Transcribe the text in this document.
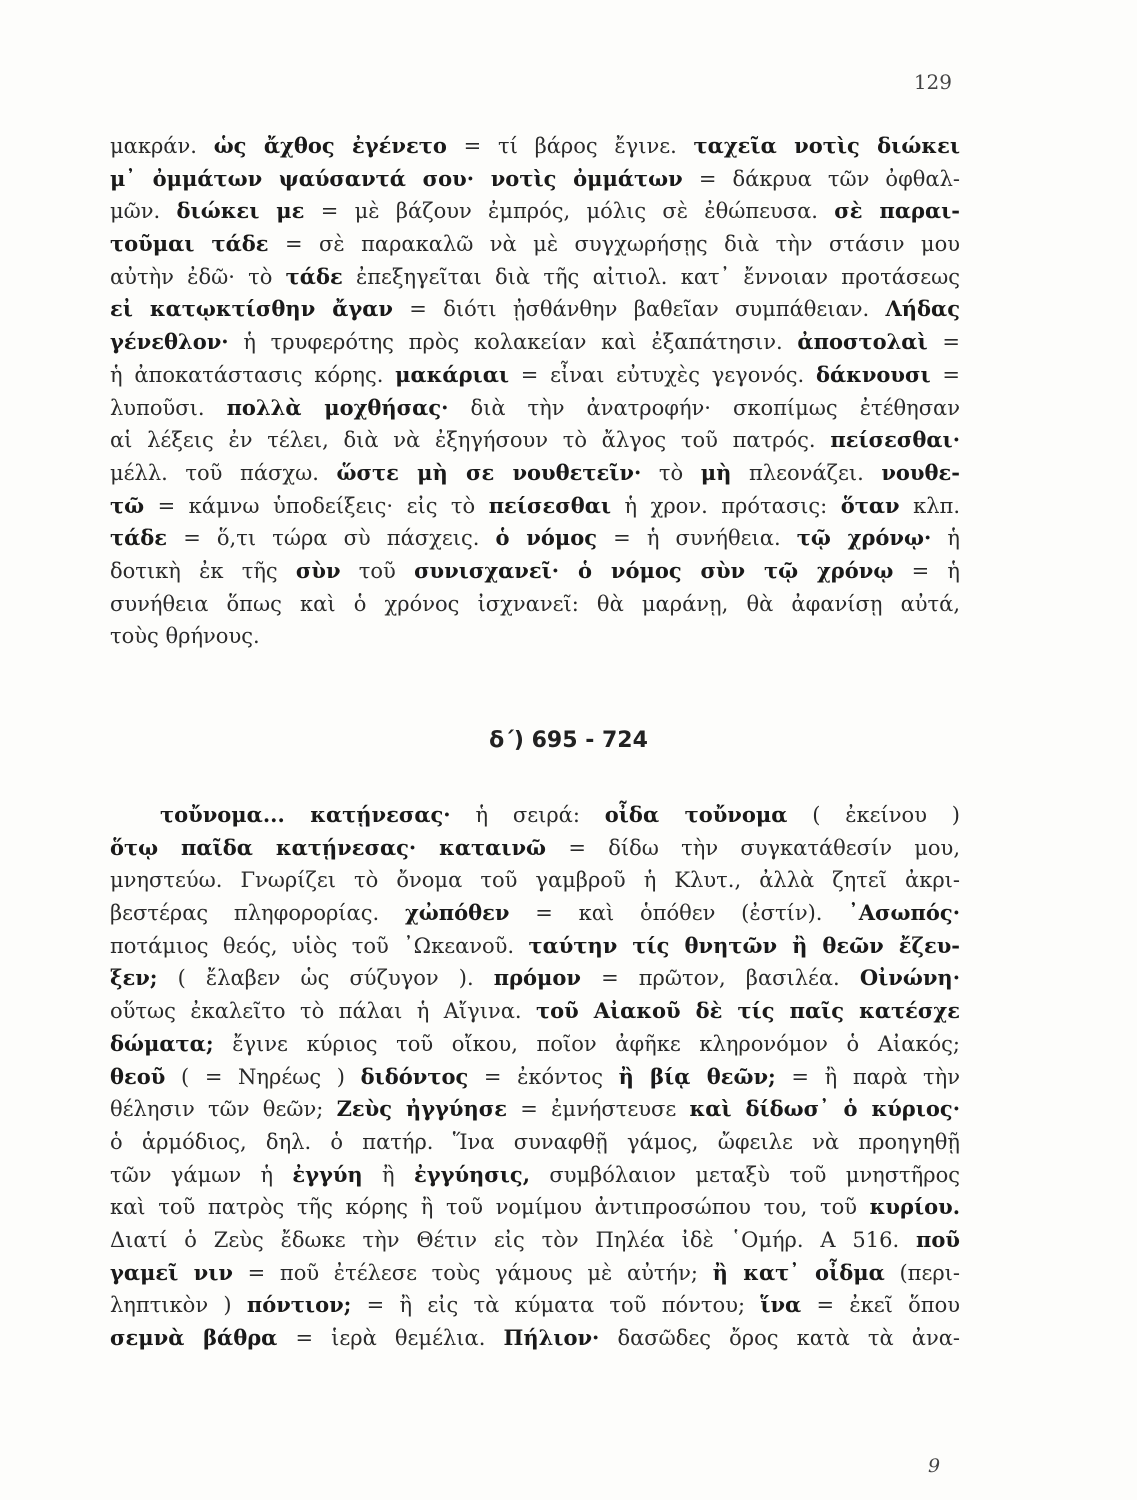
129
μακράν. ὡς ἄχθος ἐγένετο = τί βάρος ἔγινε. ταχεῖα νοτὶς διώκει
μ᾽ ὀμμάτων ψαύσαντά σου· νοτὶς ὀμμάτων = δάκρυα τῶν ὀφθαλ-
μῶν. διώκει με = μὲ βάζουν ἐμπρός, μόλις σὲ ἐθώπευσα. σὲ παραι-
τοῦμαι τάδε = σὲ παρακαλῶ νὰ μὲ συγχωρήσῃς διὰ τὴν στάσιν μου
αὐτὴν ἐδῶ· τὸ τάδε ἐπεξηγεῖται διὰ τῆς αἰτιολ. κατ᾽ ἔννοιαν προτάσεως
εἰ κατῳκτίσθην ἄγαν = διότι ᾐσθάνθην βαθεῖαν συμπάθειαν. Λήδας
γένεθλον· ἡ τρυφερότης πρὸς κολακείαν καὶ ἐξαπάτησιν. ἀποστολαὶ =
ἡ ἀποκατάστασις κόρης. μακάριαι = εἶναι εὐτυχὲς γεγονός. δάκνουσι =
λυποῦσι. πολλὰ μοχθήσας· διὰ τὴν ἀνατροφήν· σκοπίμως ἐτέθησαν
αἱ λέξεις ἐν τέλει, διὰ νὰ ἐξηγήσουν τὸ ἄλγος τοῦ πατρός. πείσεσθαι·
μέλλ. τοῦ πάσχω. ὥστε μὴ σε νουθετεῖν· τὸ μὴ πλεονάζει. νουθε-
τῶ = κάμνω ὑποδείξεις· εἰς τὸ πείσεσθαι ἡ χρον. πρότασις: ὅταν κλπ.
τάδε = ὅ,τι τώρα σὺ πάσχεις. ὁ νόμος = ἡ συνήθεια. τῷ χρόνῳ· ἡ
δοτικὴ ἐκ τῆς σὺν τοῦ συνισχανεῖ· ὁ νόμος σὺν τῷ χρόνῳ = ἡ
συνήθεια ὅπως καὶ ὁ χρόνος ἰσχνανεῖ: θὰ μαράνῃ, θὰ ἀφανίσῃ αὐτά,
τοὺς θρήνους.
δ΄) 695 - 724
τοὔνομα... κατῄνεσας· ἡ σειρά: οἶδα τοὔνομα ( ἐκείνου )
ὅτῳ παῖδα κατῄνεσας· καταινῶ = δίδω τὴν συγκατάθεσίν μου,
μνηστεύω. Γνωρίζει τὸ ὄνομα τοῦ γαμβροῦ ἡ Κλυτ., ἀλλὰ ζητεῖ ἀκρι-
βεστέρας πληφορορίας. χὠπόθεν = καὶ ὁπόθεν (ἐστίν). ᾽Ασωπός·
ποτάμιος θεός, υἱὸς τοῦ ᾽Ωκεανοῦ. ταύτην τίς θνητῶν ἢ θεῶν ἔζευ-
ξεν; ( ἔλαβεν ὡς σύζυγον ). πρόμον = πρῶτον, βασιλέα. Οἰνώνη·
οὕτως ἐκαλεῖτο τὸ πάλαι ἡ Αἴγινα. τοῦ Αἰακοῦ δὲ τίς παῖς κατέσχε
δώματα; ἔγινε κύριος τοῦ οἴκου, ποῖον ἀφῆκε κληρονόμον ὁ Αἰακός;
θεοῦ ( = Νηρέως ) διδόντος = ἐκόντος ἢ βίᾳ θεῶν; = ἢ παρὰ τὴν
θέλησιν τῶν θεῶν; Ζεὺς ἠγγύησε = ἐμνήστευσε καὶ δίδωσ᾽ ὁ κύριος·
ὁ ἁρμόδιος, δηλ. ὁ πατήρ. Ἵνα συναφθῇ γάμος, ὤφειλε νὰ προηγηθῇ
τῶν γάμων ἡ ἐγγύη ἢ ἐγγύησις, συμβόλαιον μεταξὺ τοῦ μνηστῆρος
καὶ τοῦ πατρὸς τῆς κόρης ἢ τοῦ νομίμου ἀντιπροσώπου του, τοῦ κυρίου.
Διατί ὁ Ζεὺς ἔδωκε τὴν Θέτιν εἰς τὸν Πηλέα ἰδὲ ῾Ομήρ. Α 516. ποῦ
γαμεῖ νιν = ποῦ ἐτέλεσε τοὺς γάμους μὲ αὐτήν; ἢ κατ᾽ οἶδμα (περι-
ληπτικὸν ) πόντιον; = ἢ εἰς τὰ κύματα τοῦ πόντου; ἵνα = ἐκεῖ ὅπου
σεμνὰ βάθρα = ἱερὰ θεμέλια. Πήλιον· δασῶδες ὄρος κατὰ τὰ ἀνα-
9
